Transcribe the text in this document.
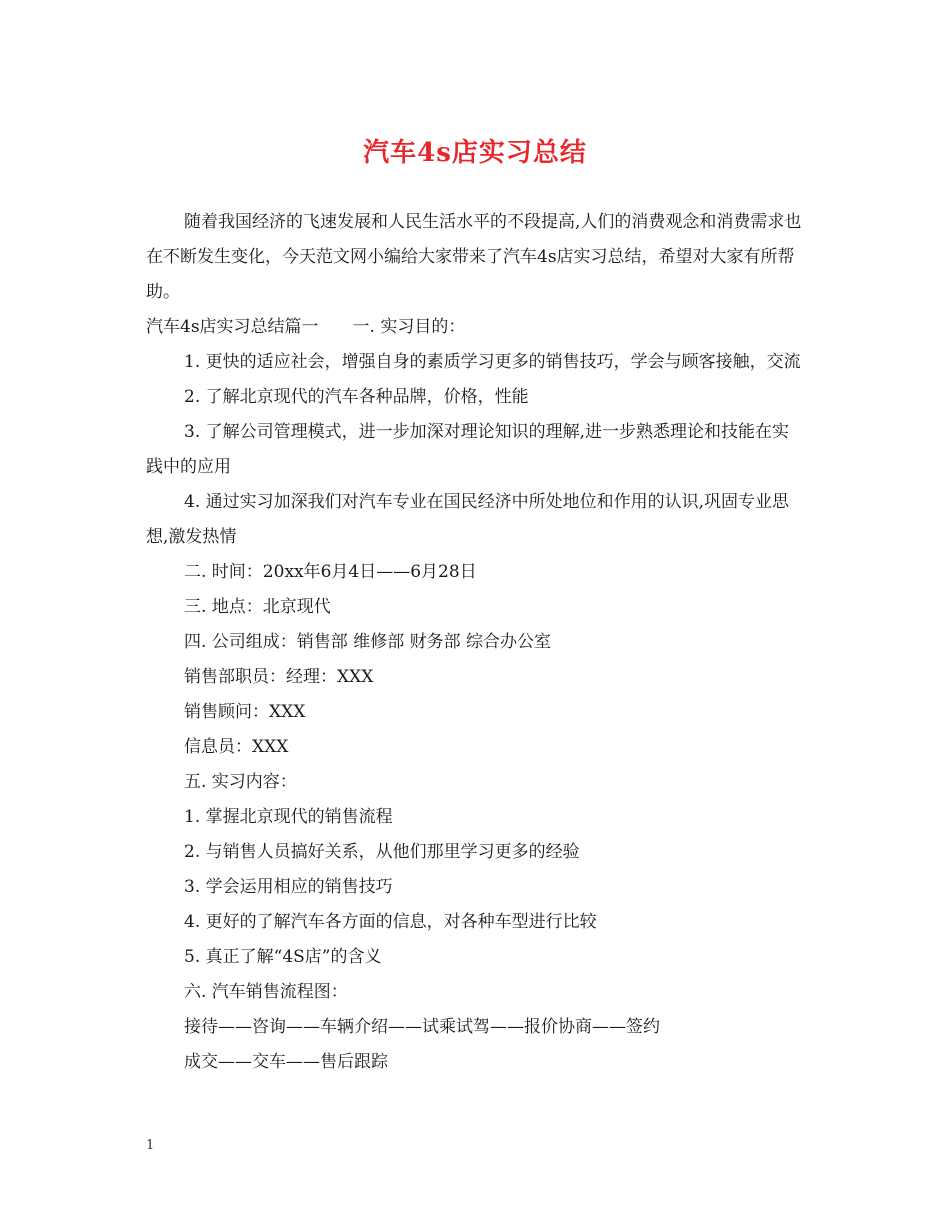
汽车4s店实习总结

随着我国经济的飞速发展和人民生活水平的不段提高,人们的消费观念和消费需求也在不断发生变化，今天范文网小编给大家带来了汽车4s店实习总结，希望对大家有所帮助。

汽车4s店实习总结篇一　　一. 实习目的：

1. 更快的适应社会，增强自身的素质学习更多的销售技巧，学会与顾客接触，交流

2. 了解北京现代的汽车各种品牌，价格，性能

3. 了解公司管理模式，进一步加深对理论知识的理解,进一步熟悉理论和技能在实践中的应用

4. 通过实习加深我们对汽车专业在国民经济中所处地位和作用的认识,巩固专业思想,激发热情

二. 时间：20xx年6月4日——6月28日

三. 地点：北京现代

四. 公司组成：销售部 维修部 财务部 综合办公室

销售部职员：经理：XXX

销售顾问：XXX

信息员：XXX

五. 实习内容：

1. 掌握北京现代的销售流程

2. 与销售人员搞好关系，从他们那里学习更多的经验

3. 学会运用相应的销售技巧

4. 更好的了解汽车各方面的信息，对各种车型进行比较

5. 真正了解“4S店”的含义

六. 汽车销售流程图：

接待——咨询——车辆介绍——试乘试驾——报价协商——签约

成交——交车——售后跟踪

1
